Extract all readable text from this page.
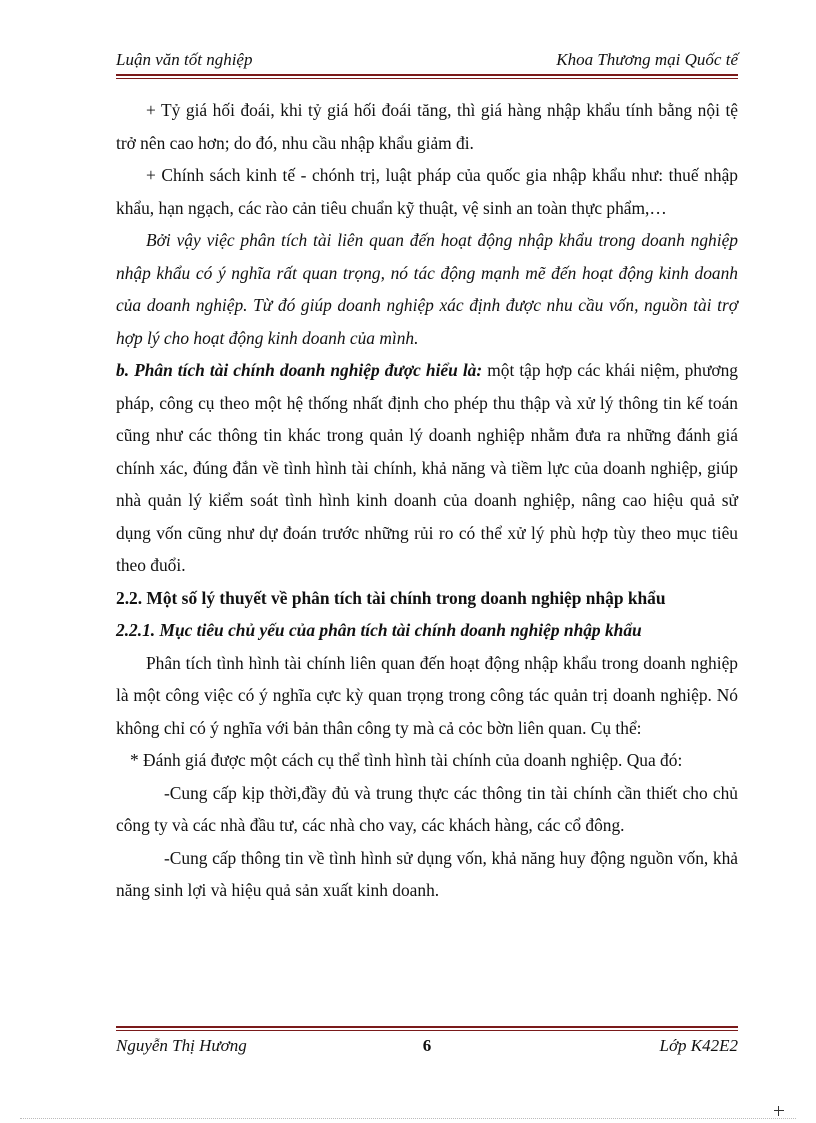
Luận văn tốt nghiệp	Khoa Thương mại Quốc tế
+ Tỷ giá hối đoái, khi tỷ giá hối đoái tăng, thì giá hàng nhập khẩu tính bằng nội tệ trở nên cao hơn; do đó, nhu cầu nhập khẩu giảm đi.
+ Chính sách kinh tế - chónh trị, luật pháp của quốc gia nhập khẩu như: thuế nhập khẩu, hạn ngạch, các rào cản tiêu chuẩn kỹ thuật, vệ sinh an toàn thực phẩm,…
Bởi vậy việc phân tích tài liên quan đến hoạt động nhập khẩu trong doanh nghiệp nhập khẩu có ý nghĩa rất quan trọng, nó tác động mạnh mẽ đến hoạt động kinh doanh của doanh nghiệp. Từ đó giúp doanh nghiệp xác định được nhu cầu vốn, nguồn tài trợ hợp lý cho hoạt động kinh doanh của mình.
b. Phân tích tài chính doanh nghiệp được hiểu là: một tập hợp các khái niệm, phương pháp, công cụ theo một hệ thống nhất định cho phép thu thập và xử lý thông tin kế toán cũng như các thông tin khác trong quản lý doanh nghiệp nhằm đưa ra những đánh giá chính xác, đúng đắn về tình hình tài chính, khả năng và tiềm lực của doanh nghiệp, giúp nhà quản lý kiểm soát tình hình kinh doanh của doanh nghiệp, nâng cao hiệu quả sử dụng vốn cũng như dự đoán trước những rủi ro có thể xử lý phù hợp tùy theo mục tiêu theo đuổi.
2.2. Một số lý thuyết về phân tích tài chính trong doanh nghiệp nhập khẩu
2.2.1. Mục tiêu chủ yếu của phân tích tài chính doanh nghiệp nhập khẩu
Phân tích tình hình tài chính liên quan đến hoạt động nhập khẩu trong doanh nghiệp là một công việc có ý nghĩa cực kỳ quan trọng trong công tác quản trị doanh nghiệp. Nó không chỉ có ý nghĩa với bản thân công ty mà cả cỏc bờn liên quan. Cụ thể:
* Đánh giá được một cách cụ thể tình hình tài chính của doanh nghiệp. Qua đó:
-Cung cấp kịp thời,đầy đủ và trung thực các thông tin tài chính cần thiết cho chủ công ty và các nhà đầu tư, các nhà cho vay, các khách hàng, các cổ đông.
-Cung cấp thông tin về tình hình sử dụng vốn, khả năng huy động nguồn vốn, khả năng sinh lợi và hiệu quả sản xuất kinh doanh.
Nguyễn Thị Hương	6	Lớp K42E2
